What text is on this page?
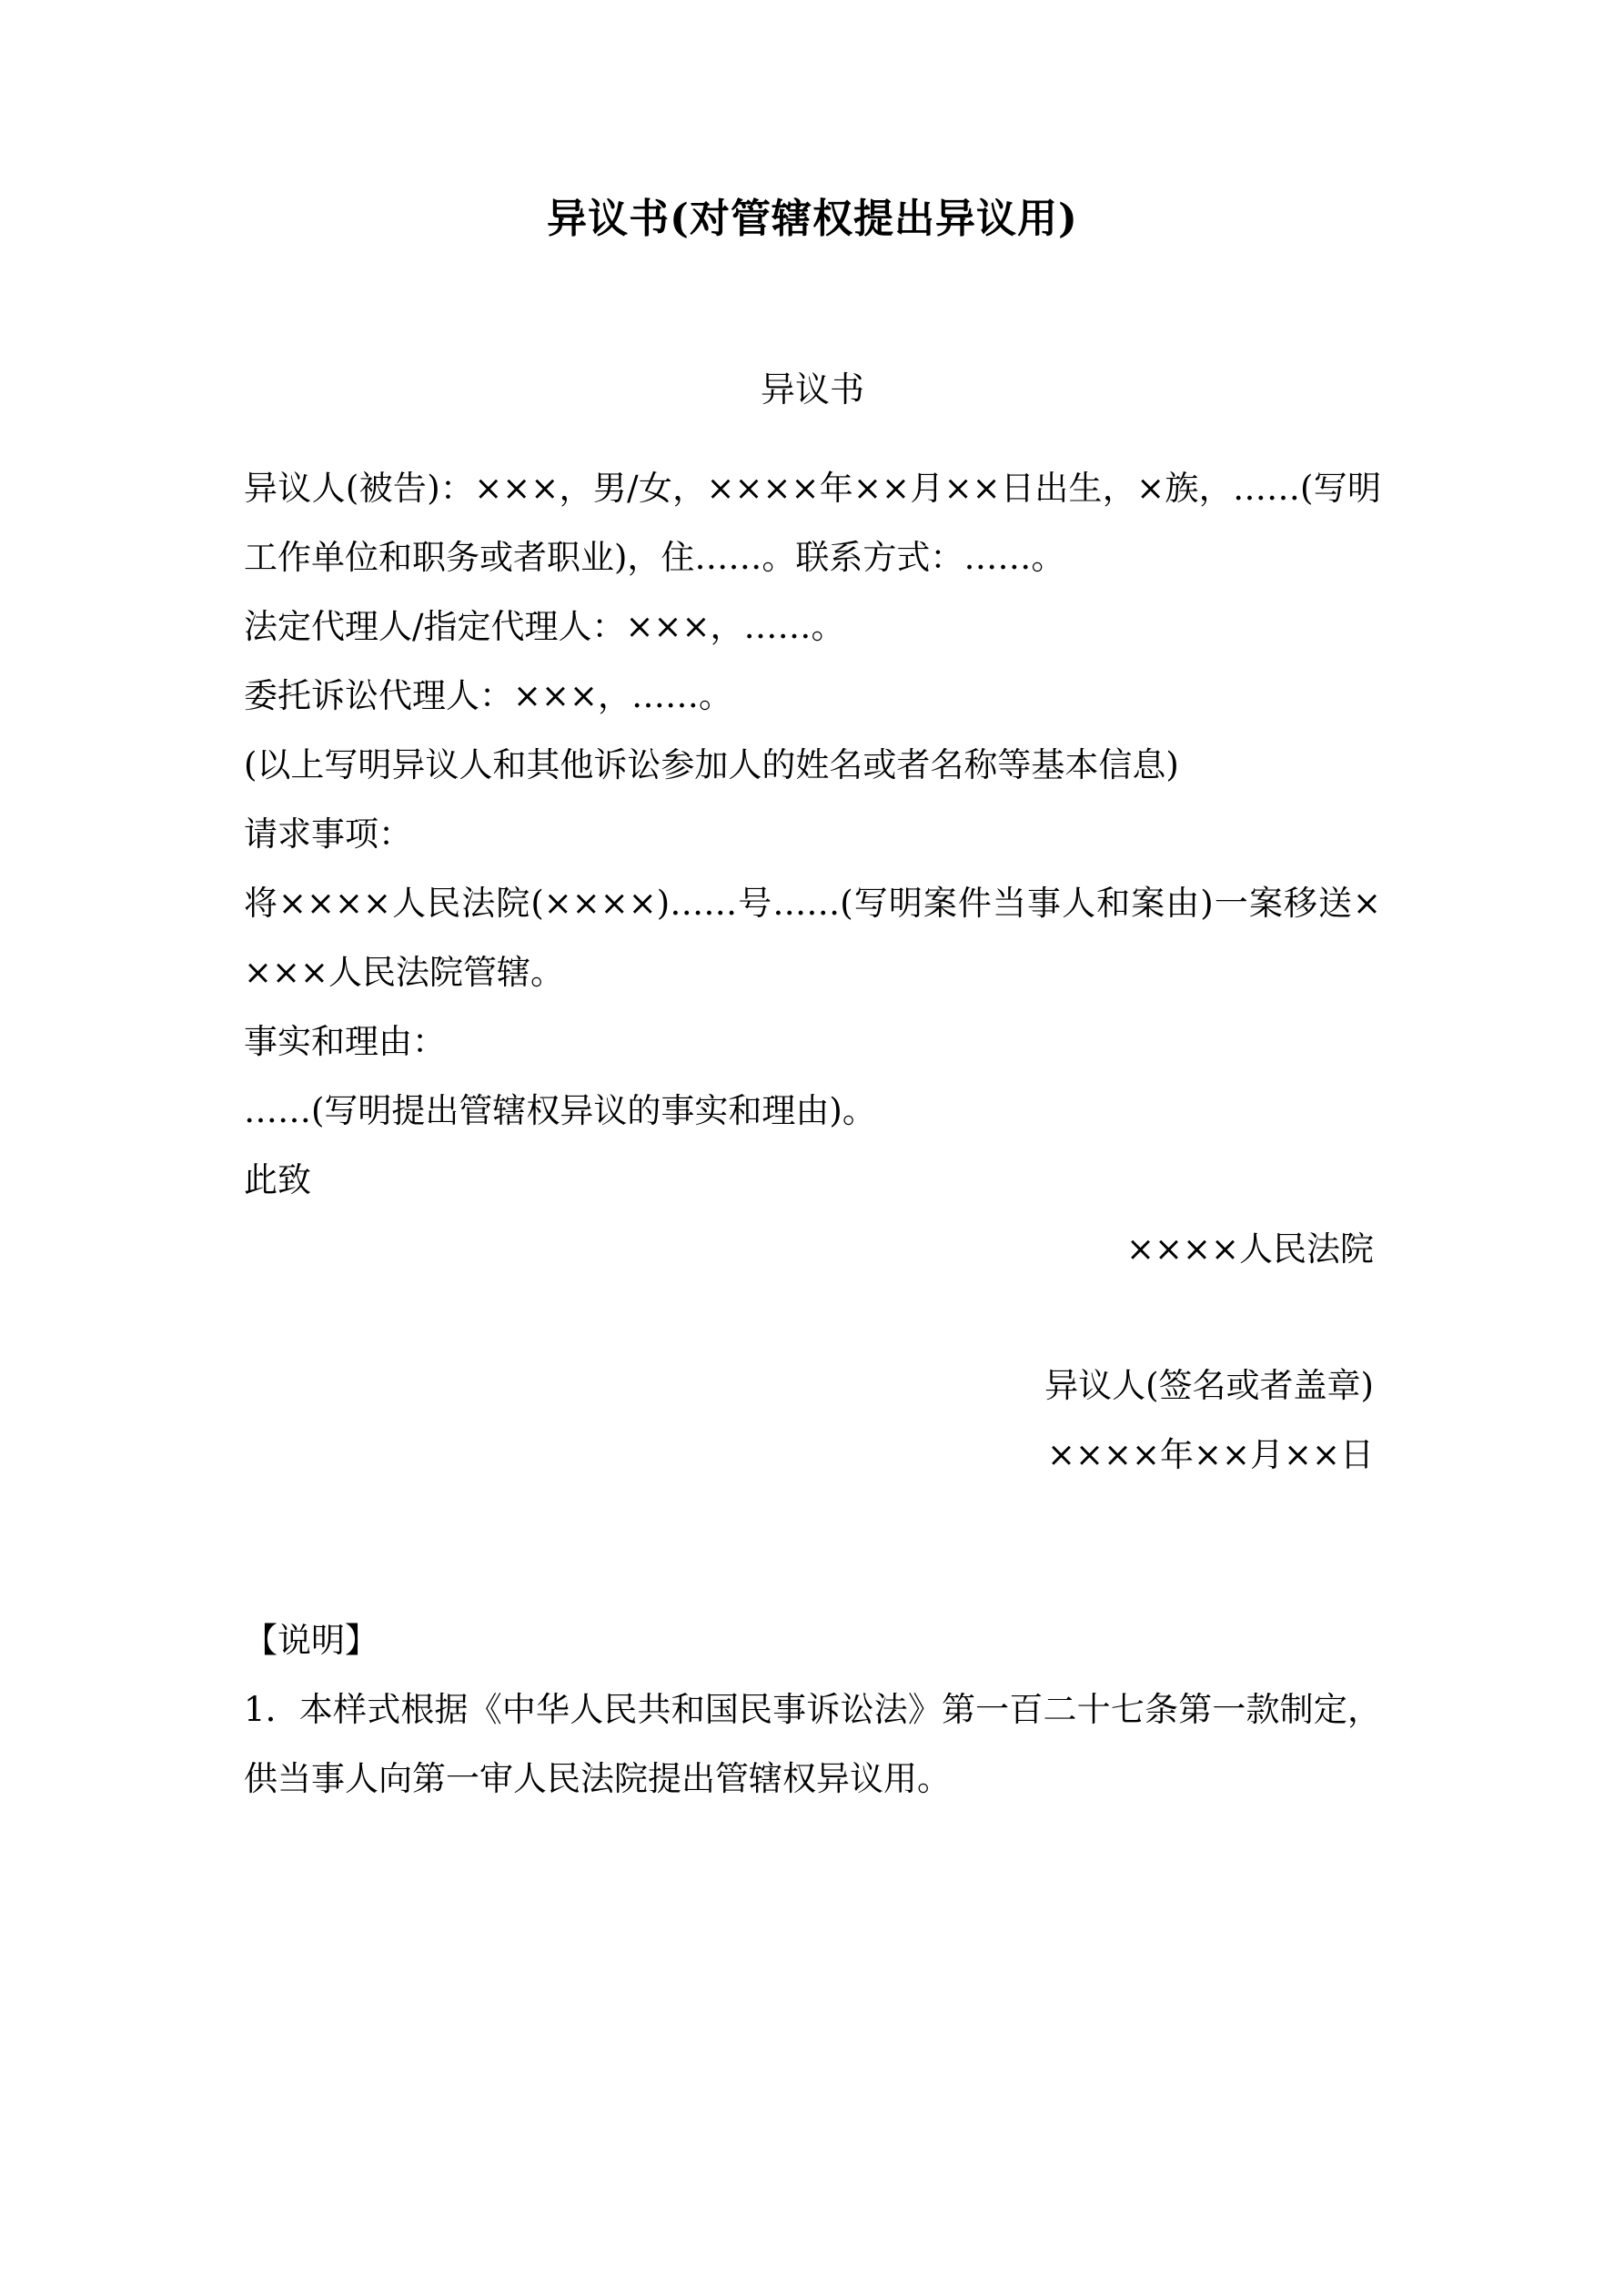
异议书(对管辖权提出异议用)
异议书
异议人(被告)：×××，男/女，××××年××月××日出生，×族，……(写明工作单位和职务或者职业)，住……。联系方式：……。
法定代理人/指定代理人：×××，……。
委托诉讼代理人：×××，……。
(以上写明异议人和其他诉讼参加人的姓名或者名称等基本信息)
请求事项：
将××××人民法院(××××)……号……(写明案件当事人和案由)一案移送××××人民法院管辖。
事实和理由：
……(写明提出管辖权异议的事实和理由)。
此致
××××人民法院
异议人(签名或者盖章)
××××年××月××日
【说明】
1．本样式根据《中华人民共和国民事诉讼法》第一百二十七条第一款制定，供当事人向第一审人民法院提出管辖权异议用。
